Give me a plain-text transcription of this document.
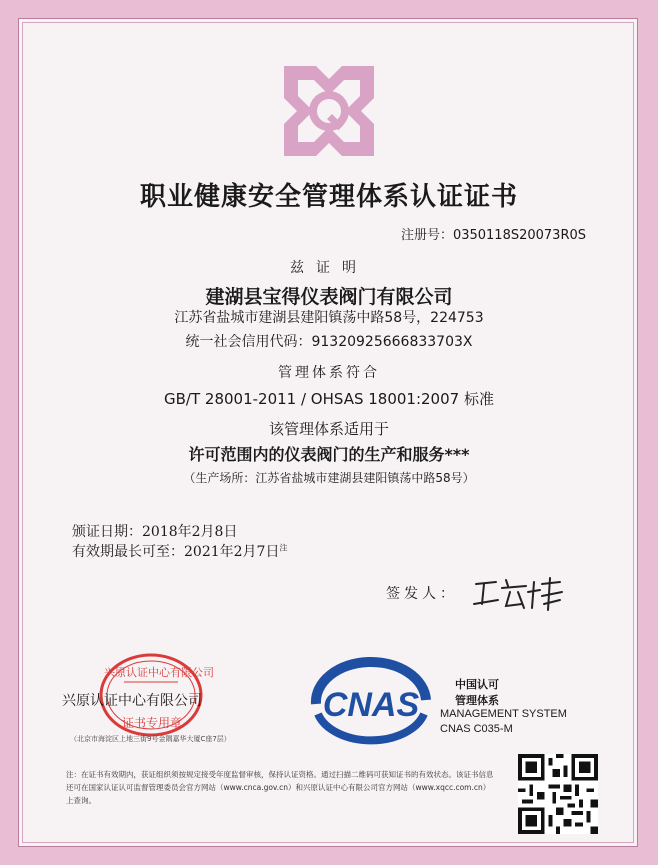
职业健康安全管理体系认证证书
注册号：0350118S20073R0S
兹证明
建湖县宝得仪表阀门有限公司
江苏省盐城市建湖县建阳镇荡中路58号，224753
统一社会信用代码：91320925666833703X
管理体系符合
GB/T 28001-2011 / OHSAS 18001:2007 标准
该管理体系适用于
许可范围内的仪表阀门的生产和服务***
（生产场所：江苏省盐城市建湖县建阳镇荡中路58号）
颁证日期：2018年2月8日
有效期最长可至：2021年2月7日$^注$
签发人：
兴原认证中心有限公司
证书专用章
兴原认证中心有限公司
（北京市海淀区上地三街9号金隅嘉华大厦C座7层）
CNAS
中国认可
管理体系
MANAGEMENT SYSTEM
CNAS C035-M
注：在证书有效期内，获证组织须按规定接受年度监督审核，保持认证资格。通过扫描二维码可获知证书的有效状态。该证书信息还可在国家认证认可监督管理委员会官方网站（www.cnca.gov.cn）和兴原认证中心有限公司官方网站（www.xqcc.com.cn）上查询。
